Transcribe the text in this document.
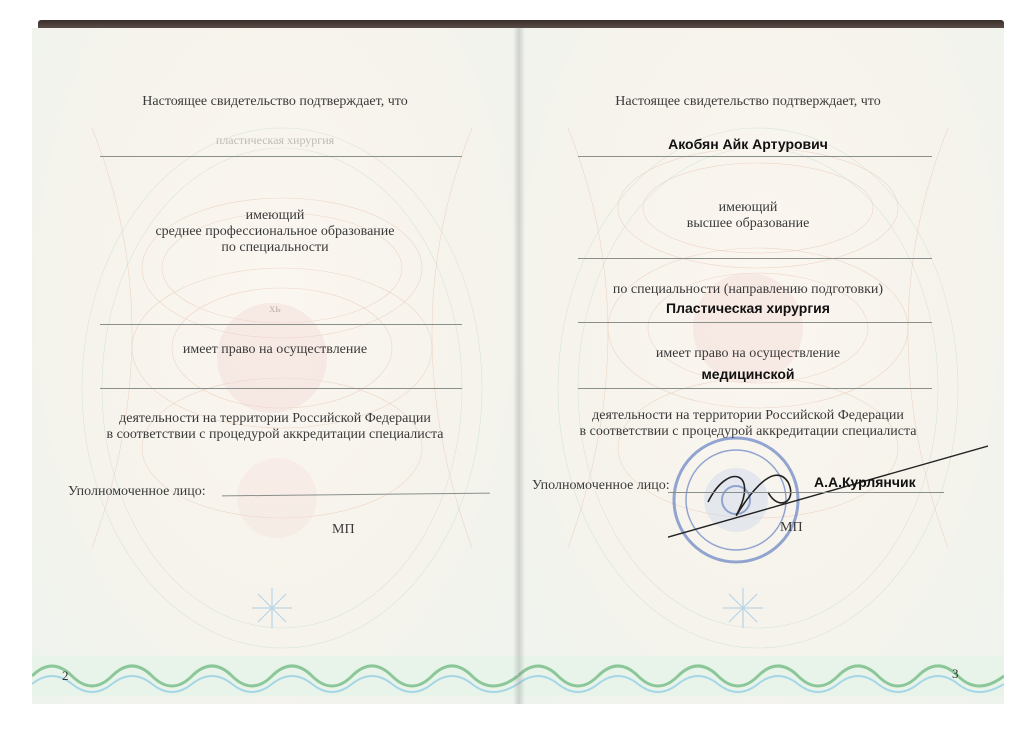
Настоящее свидетельство подтверждает, что
пластическая хирургия
имеющий
среднее профессиональное образование
по специальности
хь
имеет право на осуществление
деятельности на территории Российской Федерации
в соответствии с процедурой аккредитации специалиста
Уполномоченное лицо:
МП
2
Настоящее свидетельство подтверждает, что
Акобян Айк Артурович
имеющий
высшее образование
по специальности (направлению подготовки)
Пластическая хирургия
имеет право на осуществление
медицинской
деятельности на территории Российской Федерации
в соответствии с процедурой аккредитации специалиста
Уполномоченное лицо:	А.А.Курлянчик
МП
3
